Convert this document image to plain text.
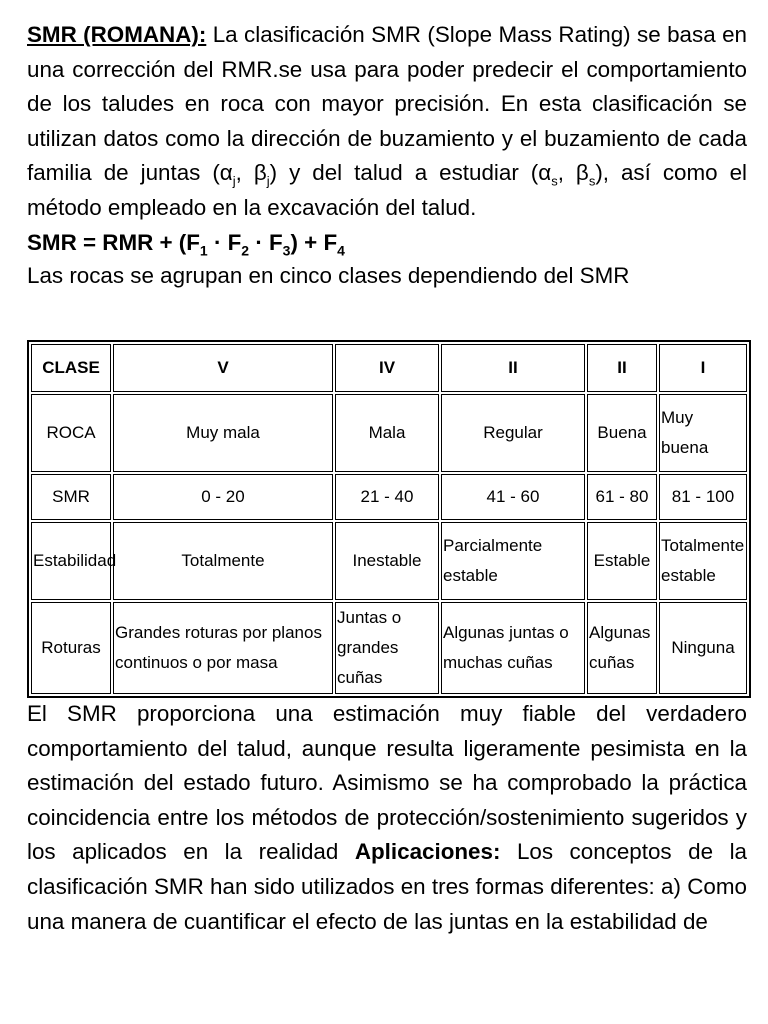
SMR (ROMANA): La clasificación SMR (Slope Mass Rating) se basa en una corrección del RMR.se usa para poder predecir el comportamiento de los taludes en roca con mayor precisión. En esta clasificación se utilizan datos como la dirección de buzamiento y el buzamiento de cada familia de juntas ($\alpha_j$, $\beta_j$) y del talud a estudiar ($\alpha_s$, $\beta_s$), así como el método empleado en la excavación del talud.

SMR = RMR + $(F_1 \cdot F_2 \cdot F_3) + F_4$

Las rocas se agrupan en cinco clases dependiendo del SMR

CLASE	V	IV	II	II	I
ROCA	Muy mala	Mala	Regular	Buena	Muy buena
SMR	0 - 20	21 - 40	41 - 60	61 - 80	81 - 100
Estabilidad	Totalmente	Inestable	Parcialmente estable	Estable	Totalmente estable
Roturas	Grandes roturas por planos continuos o por masa	Juntas o grandes cuñas	Algunas juntas o muchas cuñas	Algunas cuñas	Ninguna

El SMR proporciona una estimación muy fiable del verdadero comportamiento del talud, aunque resulta ligeramente pesimista en la estimación del estado futuro. Asimismo se ha comprobado la práctica coincidencia entre los métodos de protección/sostenimiento sugeridos y los aplicados en la realidad Aplicaciones: Los conceptos de la clasificación SMR han sido utilizados en tres formas diferentes: a) Como una manera de cuantificar el efecto de las juntas en la estabilidad de
